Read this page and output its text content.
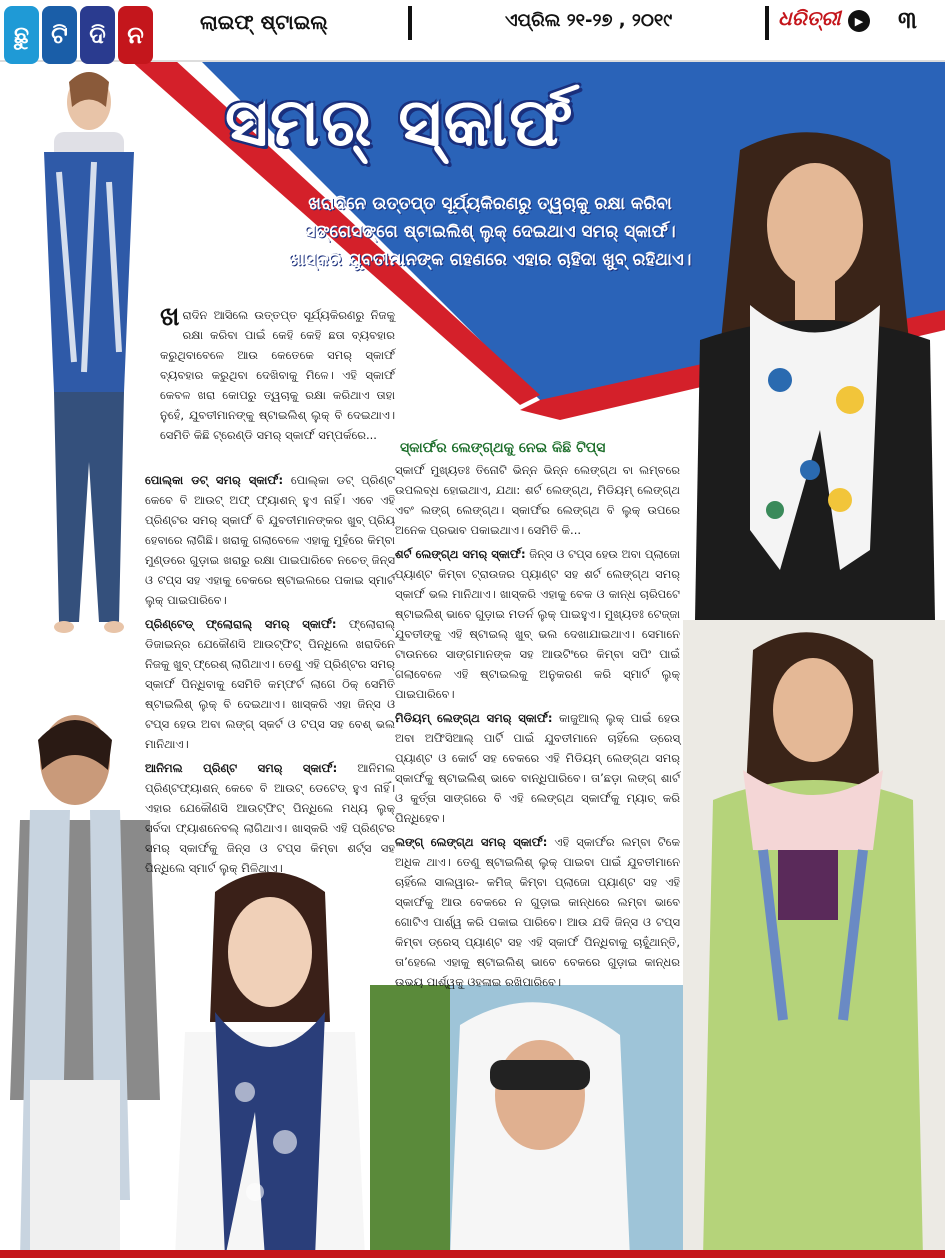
ଛୁ ଟି ଦି ନ	ଲାଇଫ୍ ଷ୍ଟାଇଲ୍	ଏପ୍ରିଲ ୨୧-୨୭ , ୨୦୧୯	ଧରିତ୍ରୀ	▶ ୩
ସମର୍ ସ୍କାର୍ଫ
ଖରାଦିନେ ଉତ୍ତପ୍ତ ସୂର୍ଯ୍ୟକିରଣରୁ ତ୍ୱଚାକୁ ରକ୍ଷା କରିବା ସଙ୍ଗେସଙ୍ଗେ ଷ୍ଟାଇଲିଶ୍ ଲୁକ୍ ଦେଇଥାଏ ସମର୍ ସ୍କାର୍ଫ। ଖାସ୍‌କରି ଯୁବତୀମାନଙ୍କ ଗହଣରେ ଏହାର ଚାହିଦା ଖୁବ୍ ରହିଥାଏ।

ଖରାଦିନ ଆସିଲେ ଉତ୍ତପ୍ତ ସୂର୍ଯ୍ୟକିରଣରୁ ନିଜକୁ ରକ୍ଷା କରିବା ପାଇଁ କେହି କେହି ଛତା ବ୍ୟବହାର କରୁଥିବାବେଳେ ଆଉ କେତେକେ ସମର୍ ସ୍କାର୍ଫ ବ୍ୟବହାର କରୁଥିବା ଦେଖିବାକୁ ମିଳେ। ଏହି ସ୍କାର୍ଫ କେବଳ ଖରା କୋପରୁ ତ୍ୱଚାକୁ ରକ୍ଷା କରିଥାଏ ତାହା ନୁହେଁ, ଯୁବତୀମାନଙ୍କୁ ଷ୍ଟାଇଲିଶ୍ ଲୁକ୍ ବି ଦେଇଥାଏ। ସେମିତି କିଛି ଟ୍ରେଣ୍ଡି ସମର୍ ସ୍କାର୍ଫ ସମ୍ପର୍କରେ...

ପୋଲ୍‌କା ଡଟ୍ ସମର୍ ସ୍କାର୍ଫ: ପୋଲ୍‌କା ଡଟ୍ ପ୍ରିଣ୍ଟ କେବେ ବି ଆଉଟ୍ ଅଫ୍ ଫ୍ୟାଶନ୍ ହୁଏ ନାହିଁ। ଏବେ ଏହି ପ୍ରିଣ୍ଟର ସମର୍ ସ୍କାର୍ଫ ବି ଯୁବତୀମାନଙ୍କର ଖୁବ୍ ପ୍ରିୟ ହେବାରେ ଲାଗିଛି। ଖରାକୁ ଗଲାବେଳେ ଏହାକୁ ମୁହଁରେ କିମ୍ବା ମୁଣ୍ଡରେ ଗୁଡ଼ାଇ ଖରାରୁ ରକ୍ଷା ପାଇପାରିବେ ନଚେତ୍ ଜିନ୍ସ ଓ ଟପ୍ସ ସହ ଏହାକୁ ବେକରେ ଷ୍ଟାଇଲରେ ପକାଇ ସ୍ମାର୍ଟ ଲୁକ୍ ପାଇପାରିବେ।

ପ୍ରିଣ୍ଟେଡ୍ ଫ୍ଲୋରାଲ୍ ସମର୍ ସ୍କାର୍ଫ: ଫ୍ଲୋରାଲ୍ ଡିଜାଇନ୍‌ର ଯେକୌଣସି ଆଉଟ୍‌ଫିଟ୍ ପିନ୍ଧିଲେ ଖରାଦିନେ ନିଜକୁ ଖୁବ୍ ଫ୍ରେଶ୍ ଲାଗିଥାଏ। ତେଣୁ ଏହି ପ୍ରିଣ୍ଟର ସମର୍ ସ୍କାର୍ଫ ପିନ୍ଧିବାକୁ ସେମିତି କମ୍ଫର୍ଟ ଲାଗେ ଠିକ୍ ସେମିତି ଷ୍ଟାଇଲିଶ୍ ଲୁକ୍ ବି ଦେଇଥାଏ। ଖାସ୍‌କରି ଏହା ଜିନ୍ସ ଓ ଟପ୍ସ ହେଉ ଅବା ଲଙ୍ଗ୍ ସ୍କର୍ଟ ଓ ଟପ୍ସ ସହ ବେଶ୍ ଭଲ ମାନିଥାଏ।

ଆନିମଲ ପ୍ରିଣ୍ଟ ସମର୍ ସ୍କାର୍ଫ: ଆନିମଲ ପ୍ରିଣ୍ଟଫ୍ୟାଶନ୍ କେବେ ବି ଆଉଟ୍ ଡେଟେଡ୍ ହୁଏ ନାହିଁ। ଏହାର ଯେକୌଣସି ଆଉଟ୍‌ଫିଟ୍ ପିନ୍ଧିଲେ ମଧ୍ୟ ଲୁକ୍ ସର୍ବଦା ଫ୍ୟାଶନେବଲ୍ ଲାଗିଥାଏ। ଖାସ୍‌କରି ଏହି ପ୍ରିଣ୍ଟର ସମର୍ ସ୍କାର୍ଫକୁ ଜିନ୍ସ ଓ ଟପ୍ସ କିମ୍ବା ଶର୍ଟ୍ସ ସହ ପିନ୍ଧିଲେ ସ୍ମାର୍ଟ ଲୁକ୍ ମିଳିଥାଏ।

ସ୍କାର୍ଫର ଲେଙ୍ଗ୍‌ଥକୁ ନେଇ କିଛି ଟିପ୍ସ

ସ୍କାର୍ଫ ମୁଖ୍ୟତଃ ତିନୋଟି ଭିନ୍ନ ଭିନ୍ନ ଲେଙ୍ଗ୍‌ଥ ବା ଲମ୍ବରେ ଉପଲବ୍ଧ ହୋଇଥାଏ, ଯଥା: ଶର୍ଟ ଲେଙ୍ଗ୍‌ଥ, ମିଡିୟମ୍ ଲେଙ୍ଗ୍‌ଥ ଏବଂ ଲଙ୍ଗ୍ ଲେଙ୍ଗ୍‌ଥ। ସ୍କାର୍ଫର ଲେଙ୍ଗ୍‌ଥ ବି ଲୁକ୍ ଉପରେ ଅନେକ ପ୍ରଭାବ ପକାଇଥାଏ। ସେମିତି କି...

ଶର୍ଟ ଲେଙ୍ଗ୍‌ଥ ସମର୍ ସ୍କାର୍ଫ: ଜିନ୍ସ ଓ ଟପ୍ସ ହେଉ ଅବା ପ୍ଲାଜୋ ପ୍ୟାଣ୍ଟ କିମ୍ବା ଟ୍ରାଉଜର ପ୍ୟାଣ୍ଟ ସହ ଶର୍ଟ ଲେଙ୍ଗ୍‌ଥ ସମର୍ ସ୍କାର୍ଫ ଭଲ ମାନିଥାଏ। ଖାସ୍‌କରି ଏହାକୁ ବେକ ଓ କାନ୍ଧ ଚାରିପଟେ ଷ୍ଟାଇଲିଶ୍ ଭାବେ ଗୁଡ଼ାଇ ମଡର୍ନ ଲୁକ୍ ପାଇହୁଏ। ମୁଖ୍ୟତଃ ଟେଜ୍ଜା ଯୁବତୀଙ୍କୁ ଏହି ଷ୍ଟାଇଲ୍ ଖୁବ୍ ଭଲ ଦେଖାଯାଇଥାଏ। ସେମାନେ ଟାଉନରେ ସାଙ୍ଗମାନଙ୍କ ସହ ଆଉଟିଂରେ କିମ୍ବା ସପିଂ ପାଇଁ ଗଲାବେଳେ ଏହି ଷ୍ଟାଇଲକୁ ଅନୁକରଣ କରି ସ୍ମାର୍ଟ ଲୁକ୍ ପାଇପାରିବେ।

ମିଡିୟମ୍ ଲେଙ୍ଗ୍‌ଥ ସମର୍ ସ୍କାର୍ଫ: କାଜୁଆଲ୍ ଲୁକ୍ ପାଇଁ ହେଉ ଅବା ଅଫିସିଆଲ୍ ପାର୍ଟି ପାଇଁ ଯୁବତୀମାନେ ଚାହିଁଲେ ଡ୍ରେସ୍ ପ୍ୟାଣ୍ଟ ଓ କୋର୍ଟ ସହ ବେକରେ ଏହି ମିଡିୟମ୍ ଲେଙ୍ଗ୍‌ଥ ସମର୍ ସ୍କାର୍ଫକୁ ଷ୍ଟାଇଲିଶ୍ ଭାବେ ବାନ୍ଧିପାରିବେ। ତା’ଛଡ଼ା ଲଙ୍ଗ୍ ଶାର୍ଟ ଓ କୁର୍ତ୍ତା ସାଙ୍ଗରେ ବି ଏହି ଲେଙ୍ଗ୍‌ଥ ସ୍କାର୍ଫକୁ ମ୍ୟାଚ୍ କରି ପିନ୍ଧିହେବ।

ଲଙ୍ଗ୍ ଲେଙ୍ଗ୍‌ଥ ସମର୍ ସ୍କାର୍ଫ: ଏହି ସ୍କାର୍ଫର ଲମ୍ବା ଟିକେ ଅଧିକ ଥାଏ। ତେଣୁ ଷ୍ଟାଇଲିଶ୍ ଲୁକ୍ ପାଇବା ପାଇଁ ଯୁବତୀମାନେ ଚାହିଁଲେ ସାଲୱାର- କମିଜ୍ କିମ୍ବା ପ୍ଲାଜୋ ପ୍ୟାଣ୍ଟ ସହ ଏହି ସ୍କାର୍ଫକୁ ଆଉ ବେକରେ ନ ଗୁଡ଼ାଇ କାନ୍ଧରେ ଲମ୍ବା ଭାବେ ଗୋଟିଏ ପାର୍ଶ୍ୱ କରି ପକାଇ ପାରିବେ। ଆଉ ଯଦି ଜିନ୍ସ ଓ ଟପ୍ସ କିମ୍ବା ଡ୍ରେସ୍ ପ୍ୟାଣ୍ଟ ସହ ଏହି ସ୍କାର୍ଫ ପିନ୍ଧିବାକୁ ଚାହୁଁଥାନ୍ତି, ତା’ହେଲେ ଏହାକୁ ଷ୍ଟାଇଲିଶ୍ ଭାବେ ବେକରେ ଗୁଡ଼ାଇ କାନ୍ଧର ଉଭୟ ପାର୍ଶ୍ୱକୁ ଓହଳାଇ ରଖିପାରିବେ।
